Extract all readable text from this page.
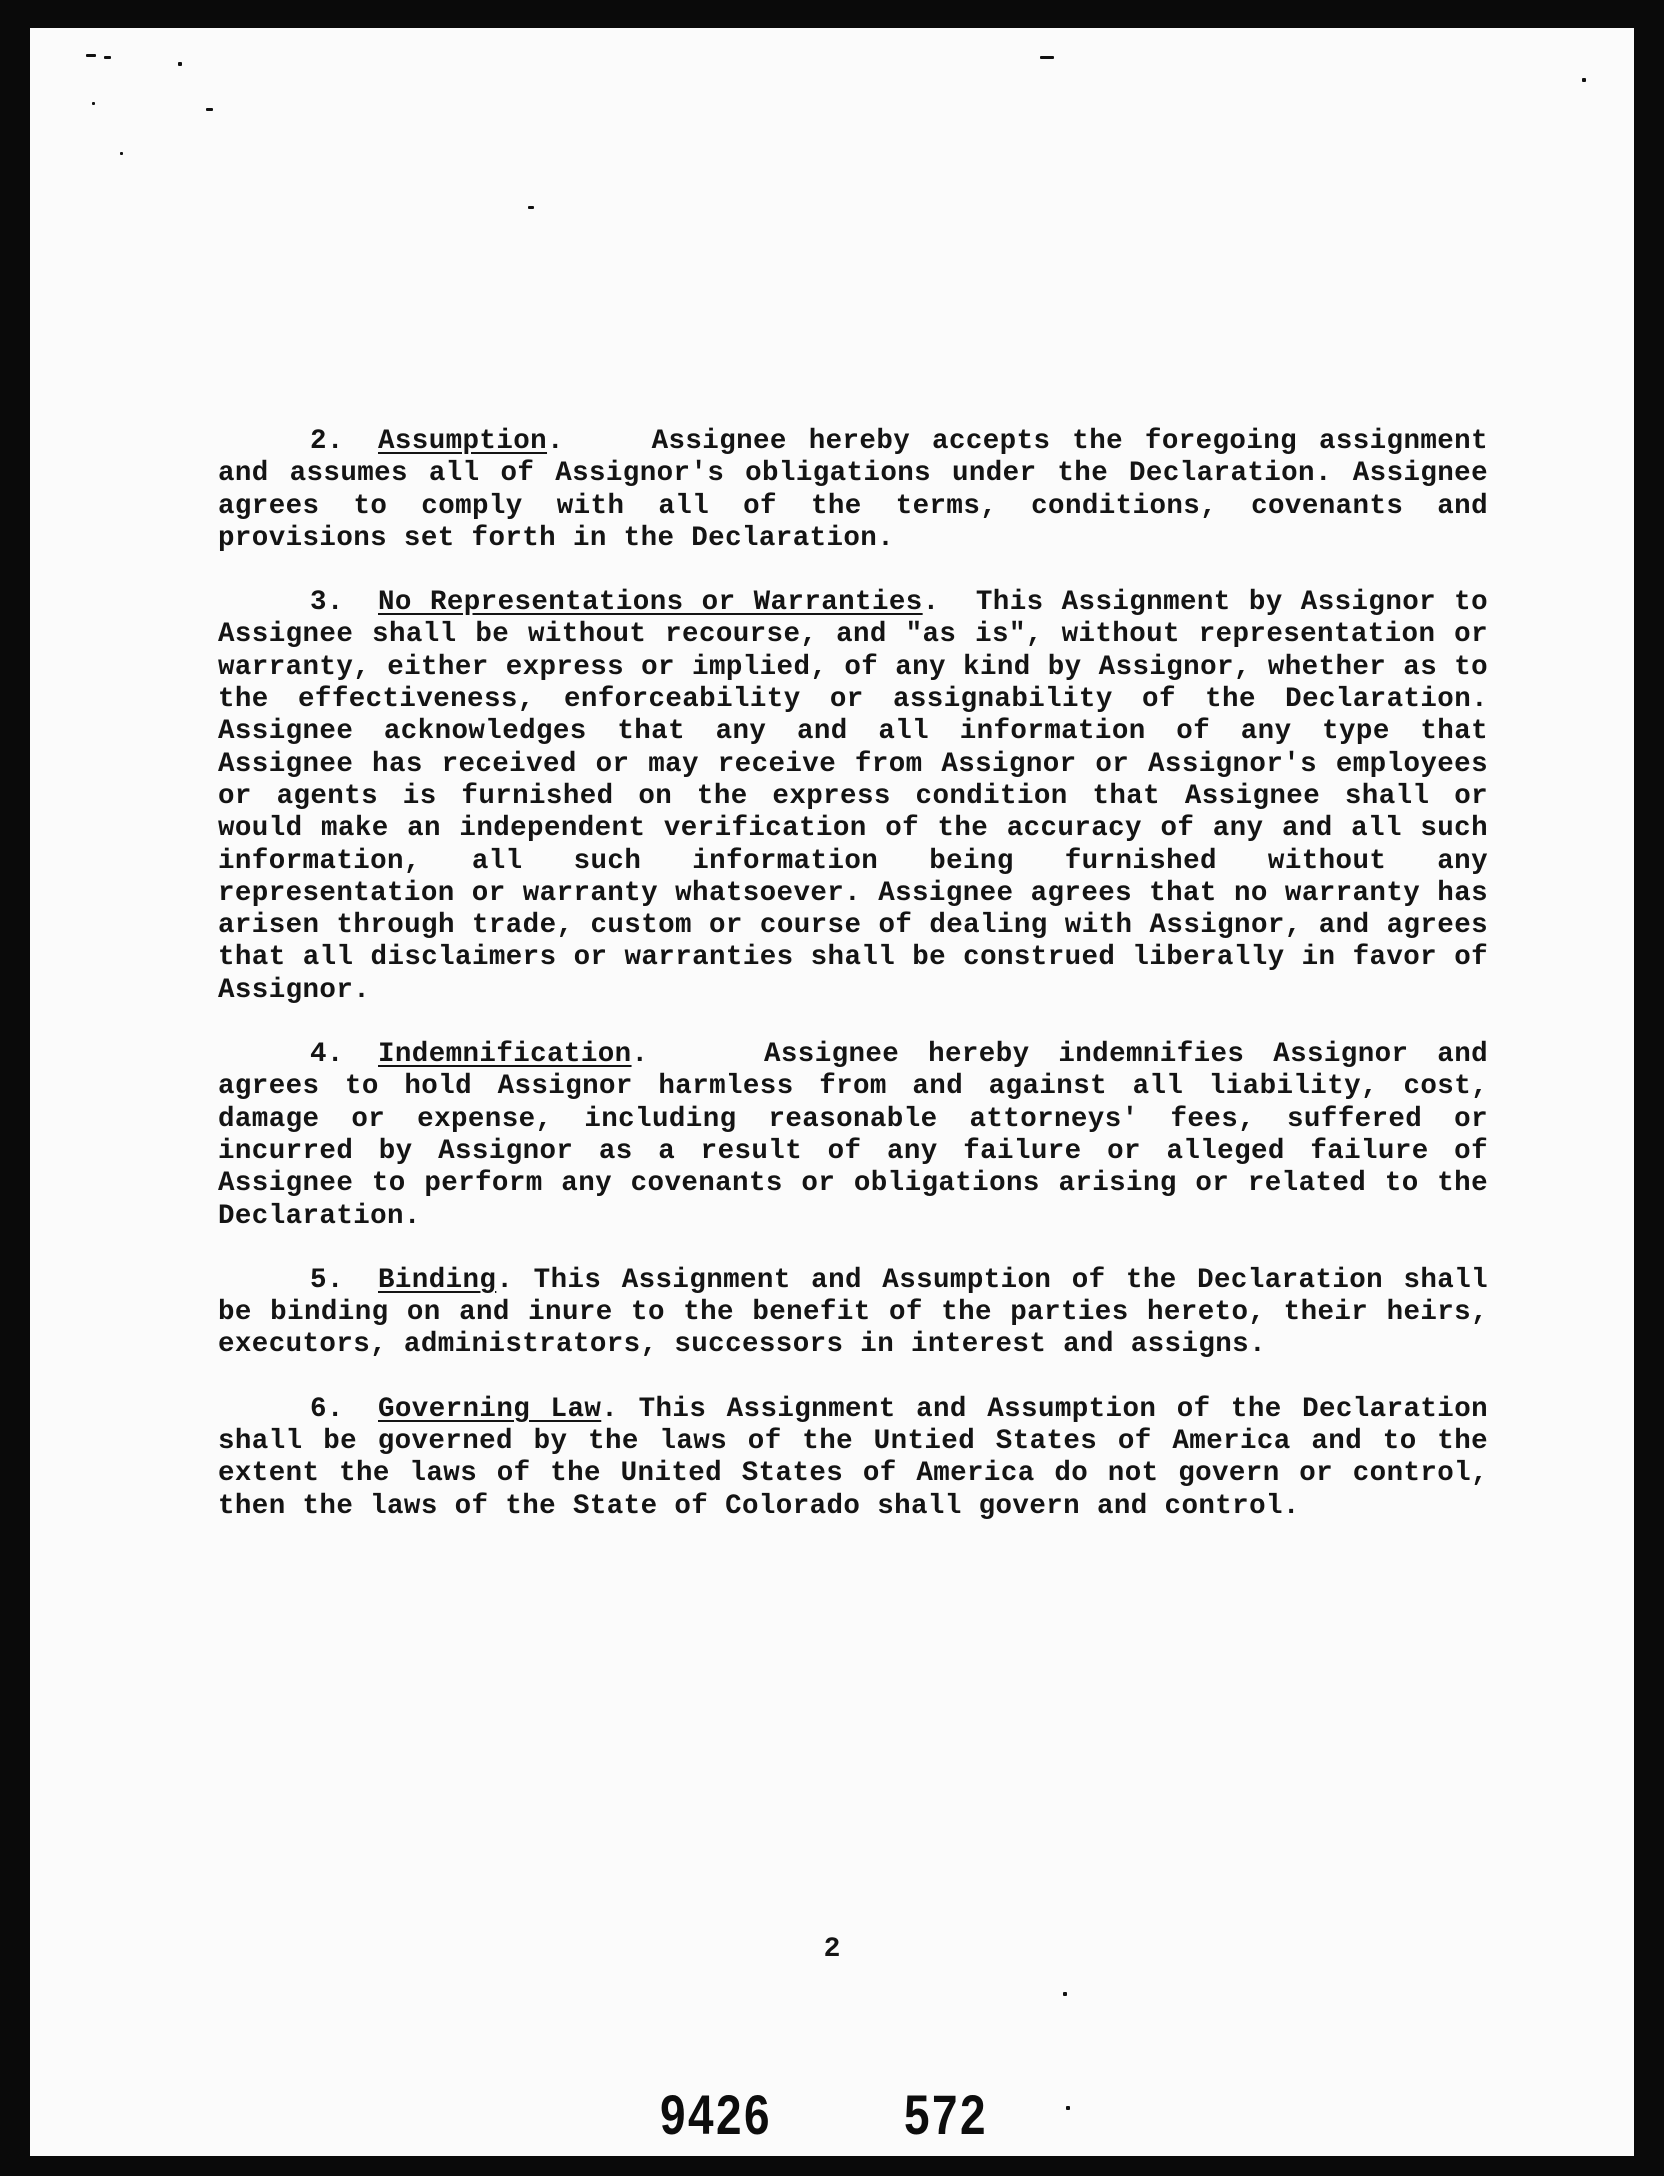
2. Assumption.	Assignee hereby accepts the foregoing assignment and assumes all of Assignor's obligations under the Declaration. Assignee agrees to comply with all of the terms, conditions, covenants and provisions set forth in the Declaration.

3. No Representations or Warranties. This Assignment by Assignor to Assignee shall be without recourse, and "as is", without representation or warranty, either express or implied, of any kind by Assignor, whether as to the effectiveness, enforceability or assignability of the Declaration. Assignee acknowledges that any and all information of any type that Assignee has received or may receive from Assignor or Assignor's employees or agents is furnished on the express condition that Assignee shall or would make an independent verification of the accuracy of any and all such information, all such information being furnished without any representation or warranty whatsoever. Assignee agrees that no warranty has arisen through trade, custom or course of dealing with Assignor, and agrees that all disclaimers or warranties shall be construed liberally in favor of Assignor.

4. Indemnification.	Assignee hereby indemnifies Assignor and agrees to hold Assignor harmless from and against all liability, cost, damage or expense, including reasonable attorneys' fees, suffered or incurred by Assignor as a result of any failure or alleged failure of Assignee to perform any covenants or obligations arising or related to the Declaration.

5. Binding. This Assignment and Assumption of the Declaration shall be binding on and inure to the benefit of the parties hereto, their heirs, executors, administrators, successors in interest and assigns.

6. Governing Law. This Assignment and Assumption of the Declaration shall be governed by the laws of the Untied States of America and to the extent the laws of the United States of America do not govern or control, then the laws of the State of Colorado shall govern and control.

2
9426 572
